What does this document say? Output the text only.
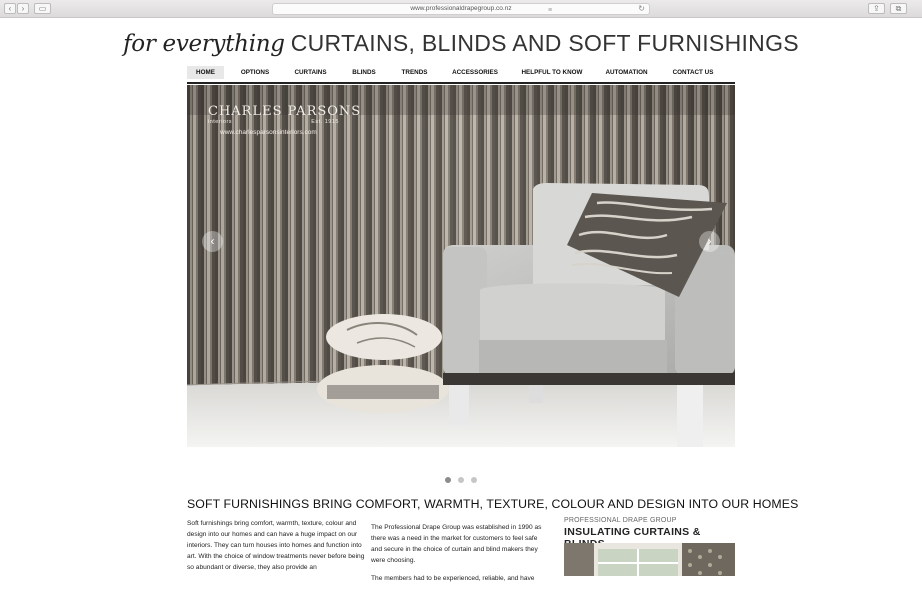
‹	›	▭	≡
www.professionaldrapegroup.co.nz	↻	⇪	⧉
for everything CURTAINS, BLINDS AND SOFT FURNISHINGS
HOME	OPTIONS	CURTAINS	BLINDS	TRENDS	ACCESSORIES	HELPFUL TO KNOW	AUTOMATION	CONTACT US
CHARLES PARSONS
interiors	Est. 1915
www.charlesparsonsinteriors.com
‹	›
SOFT FURNISHINGS BRING COMFORT, WARMTH, TEXTURE, COLOUR AND DESIGN INTO OUR HOMES
Soft furnishings bring comfort, warmth, texture, colour and design into our homes and can have a huge impact on our interiors. They can turn houses into homes and function into art. With the choice of window treatments never before being so abundant or diverse, they also provide an

The Professional Drape Group was established in 1990 as there was a need in the market for customers to feel safe and secure in the choice of curtain and blind makers they were choosing.

The members had to be experienced, reliable, and have

PROFESSIONAL DRAPE GROUP
INSULATING CURTAINS &
